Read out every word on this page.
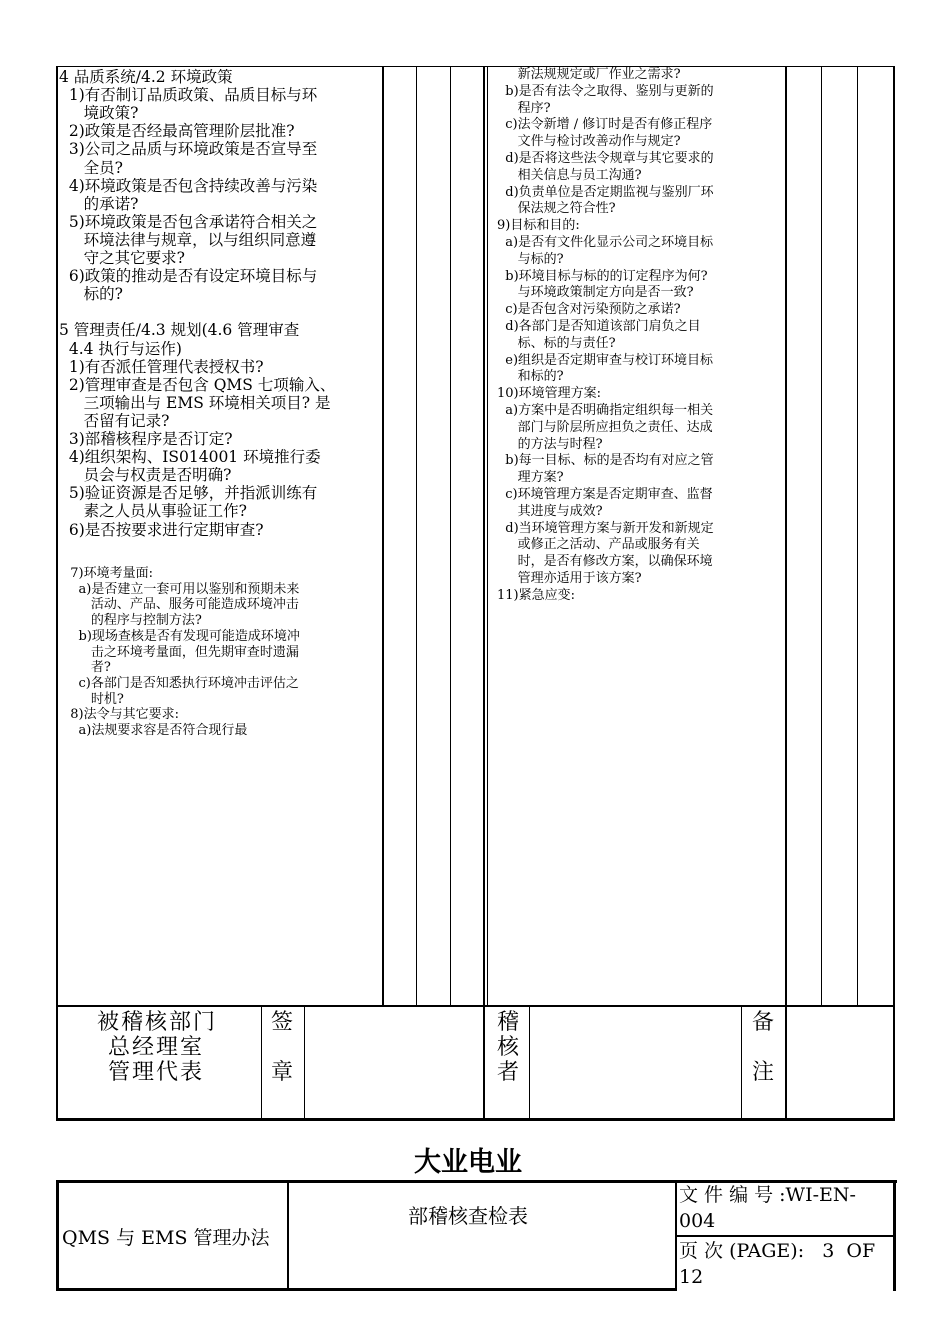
4 品质系统/4.2 环境政策
1)有否制订品质政策、品质目标与环
境政策?
2)政策是否经最高管理阶层批准?
3)公司之品质与环境政策是否宣导至
全员?
4)环境政策是否包含持续改善与污染
的承诺?
5)环境政策是否包含承诺符合相关之
环境法律与规章，以与组织同意遵
守之其它要求?
6)政策的推动是否有设定环境目标与
标的?
5 管理责任/4.3 规划(4.6 管理审查
4.4 执行与运作)
1)有否派任管理代表授权书?
2)管理审查是否包含 QMS 七项输入、
三项输出与 EMS 环境相关项目? 是
否留有记录?
3)部稽核程序是否订定?
4)组织架构、IS014001 环境推行委
员会与权责是否明确?
5)验证资源是否足够，并指派训练有
素之人员从事验证工作?
6)是否按要求进行定期审查?
7)环境考量面:
a)是否建立一套可用以鉴别和预期未来
活动、产品、服务可能造成环境冲击
的程序与控制方法?
b)现场查核是否有发现可能造成环境冲
击之环境考量面，但先期审查时遗漏
者?
c)各部门是否知悉执行环境冲击评估之
时机?
8)法令与其它要求:
a)法规要求容是否符合现行最
新法规规定或厂作业之需求?
b)是否有法令之取得、鉴别与更新的
程序?
c)法令新增 / 修订时是否有修正程序
文件与检讨改善动作与规定?
d)是否将这些法令规章与其它要求的
相关信息与员工沟通?
d)负责单位是否定期监视与鉴别厂环
保法规之符合性?
9)目标和目的:
a)是否有文件化显示公司之环境目标
与标的?
b)环境目标与标的的订定程序为何?
与环境政策制定方向是否一致?
c)是否包含对污染预防之承诺?
d)各部门是否知道该部门肩负之目
标、标的与责任?
e)组织是否定期审查与校订环境目标
和标的?
10)环境管理方案:
a)方案中是否明确指定组织每一相关
部门与阶层所应担负之责任、达成
的方法与时程?
b)每一目标、标的是否均有对应之管
理方案?
c)环境管理方案是否定期审查、监督
其进度与成效?
d)当环境管理方案与新开发和新规定
或修正之活动、产品或服务有关
时，是否有修改方案，以确保环境
管理亦适用于该方案?
11)紧急应变:
被稽核部门
总经理室
管理代表
签
章
稽
核
者
备
注
大业电业
QMS 与 EMS 管理办法
部稽核查检表
文 件 编 号 :WI-EN-
004
页 次 (PAGE):   3  OF
12
